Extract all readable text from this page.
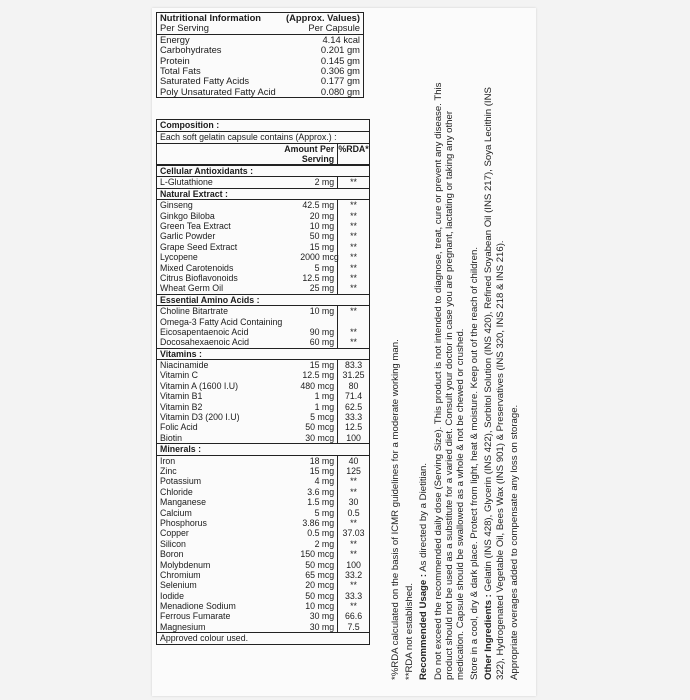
Nutritional Information	(Approx. Values)
Per Serving	Per Capsule
Energy	4.14 kcal
Carbohydrates	0.201 gm
Protein	0.145 gm
Total Fats	0.306 gm
Saturated Fatty Acids	0.177 gm
Poly Unsaturated Fatty Acid	0.080 gm
Composition :
Each soft gelatin capsule contains (Approx.) :
Amount Per Serving
%RDA*
Cellular Antioxidants :
L-Glutathione	2 mg	**
Natural Extract :
Ginseng	42.5 mg	**
Ginkgo Biloba	20 mg	**
Green Tea Extract	10 mg	**
Garlic Powder	50 mg	**
Grape Seed Extract	15 mg	**
Lycopene	2000 mcg	**
Mixed Carotenoids	5 mg	**
Citrus Bioflavonoids	12.5 mg	**
Wheat Germ Oil	25 mg	**
Essential Amino Acids :
Choline Bitartrate	10 mg	**
Omega-3 Fatty Acid Containing
Eicosapentaenoic Acid	90 mg	**
Docosahexaenoic Acid	60 mg	**
Vitamins :
Niacinamide	15 mg	83.3
Vitamin C	12.5 mg 31.25
Vitamin A (1600 I.U)	480 mcg	80
Vitamin B1	1 mg	71.4
Vitamin B2	1 mg	62.5
Vitamin D3 (200 I.U)	5 mcg	33.3
Folic Acid	50 mcg	12.5
Biotin	30 mcg	100
Minerals :
Iron	18 mg	40
Zinc	15 mg	125
Potassium	4 mg	**
Chloride	3.6 mg	**
Manganese	1.5 mg	30
Calcium	5 mg	0.5
Phosphorus	3.86 mg	**
Copper	0.5 mg 37.03
Silicon	2 mg	**
Boron	150 mcg	**
Molybdenum	50 mcg	100
Chromium	65 mcg	33.2
Selenium	20 mcg	**
Iodide	50 mcg	33.3
Menadione Sodium	10 mcg	**
Ferrous Fumarate	30 mg	66.6
Magnesium	30 mg	7.5
Approved colour used.	*%RDA calculated on the basis of ICMR guidelines for a moderate working man. **RDA not established. Recommended Usage : As directed by a Dietitian. Do not exceed the recommended daily dose (Serving Size). This product is not intended to diagnose, treat, cure or prevent any disease. This product should not be used as a substitute for a varied diet. Consult your doctor in case you are pregnant, lactating or taking any other medication. Capsule should be swallowed as a whole & not be chewed or crushed. Store in a cool, dry & dark place. Protect from light, heat & moisture. Keep out of the reach of children. Other Ingredients : Gelatin (INS 428), Glycerin (INS 422), Sorbitol Solution (INS 420), Refined Soyabean Oil (INS 217), Soya Lecithin (INS 322), Hydrogenated Vegetable Oil, Bees Wax (INS 901) & Preservatives (INS 320, INS 218 & INS 216). Appropriate overages added to compensate any loss on storage.
